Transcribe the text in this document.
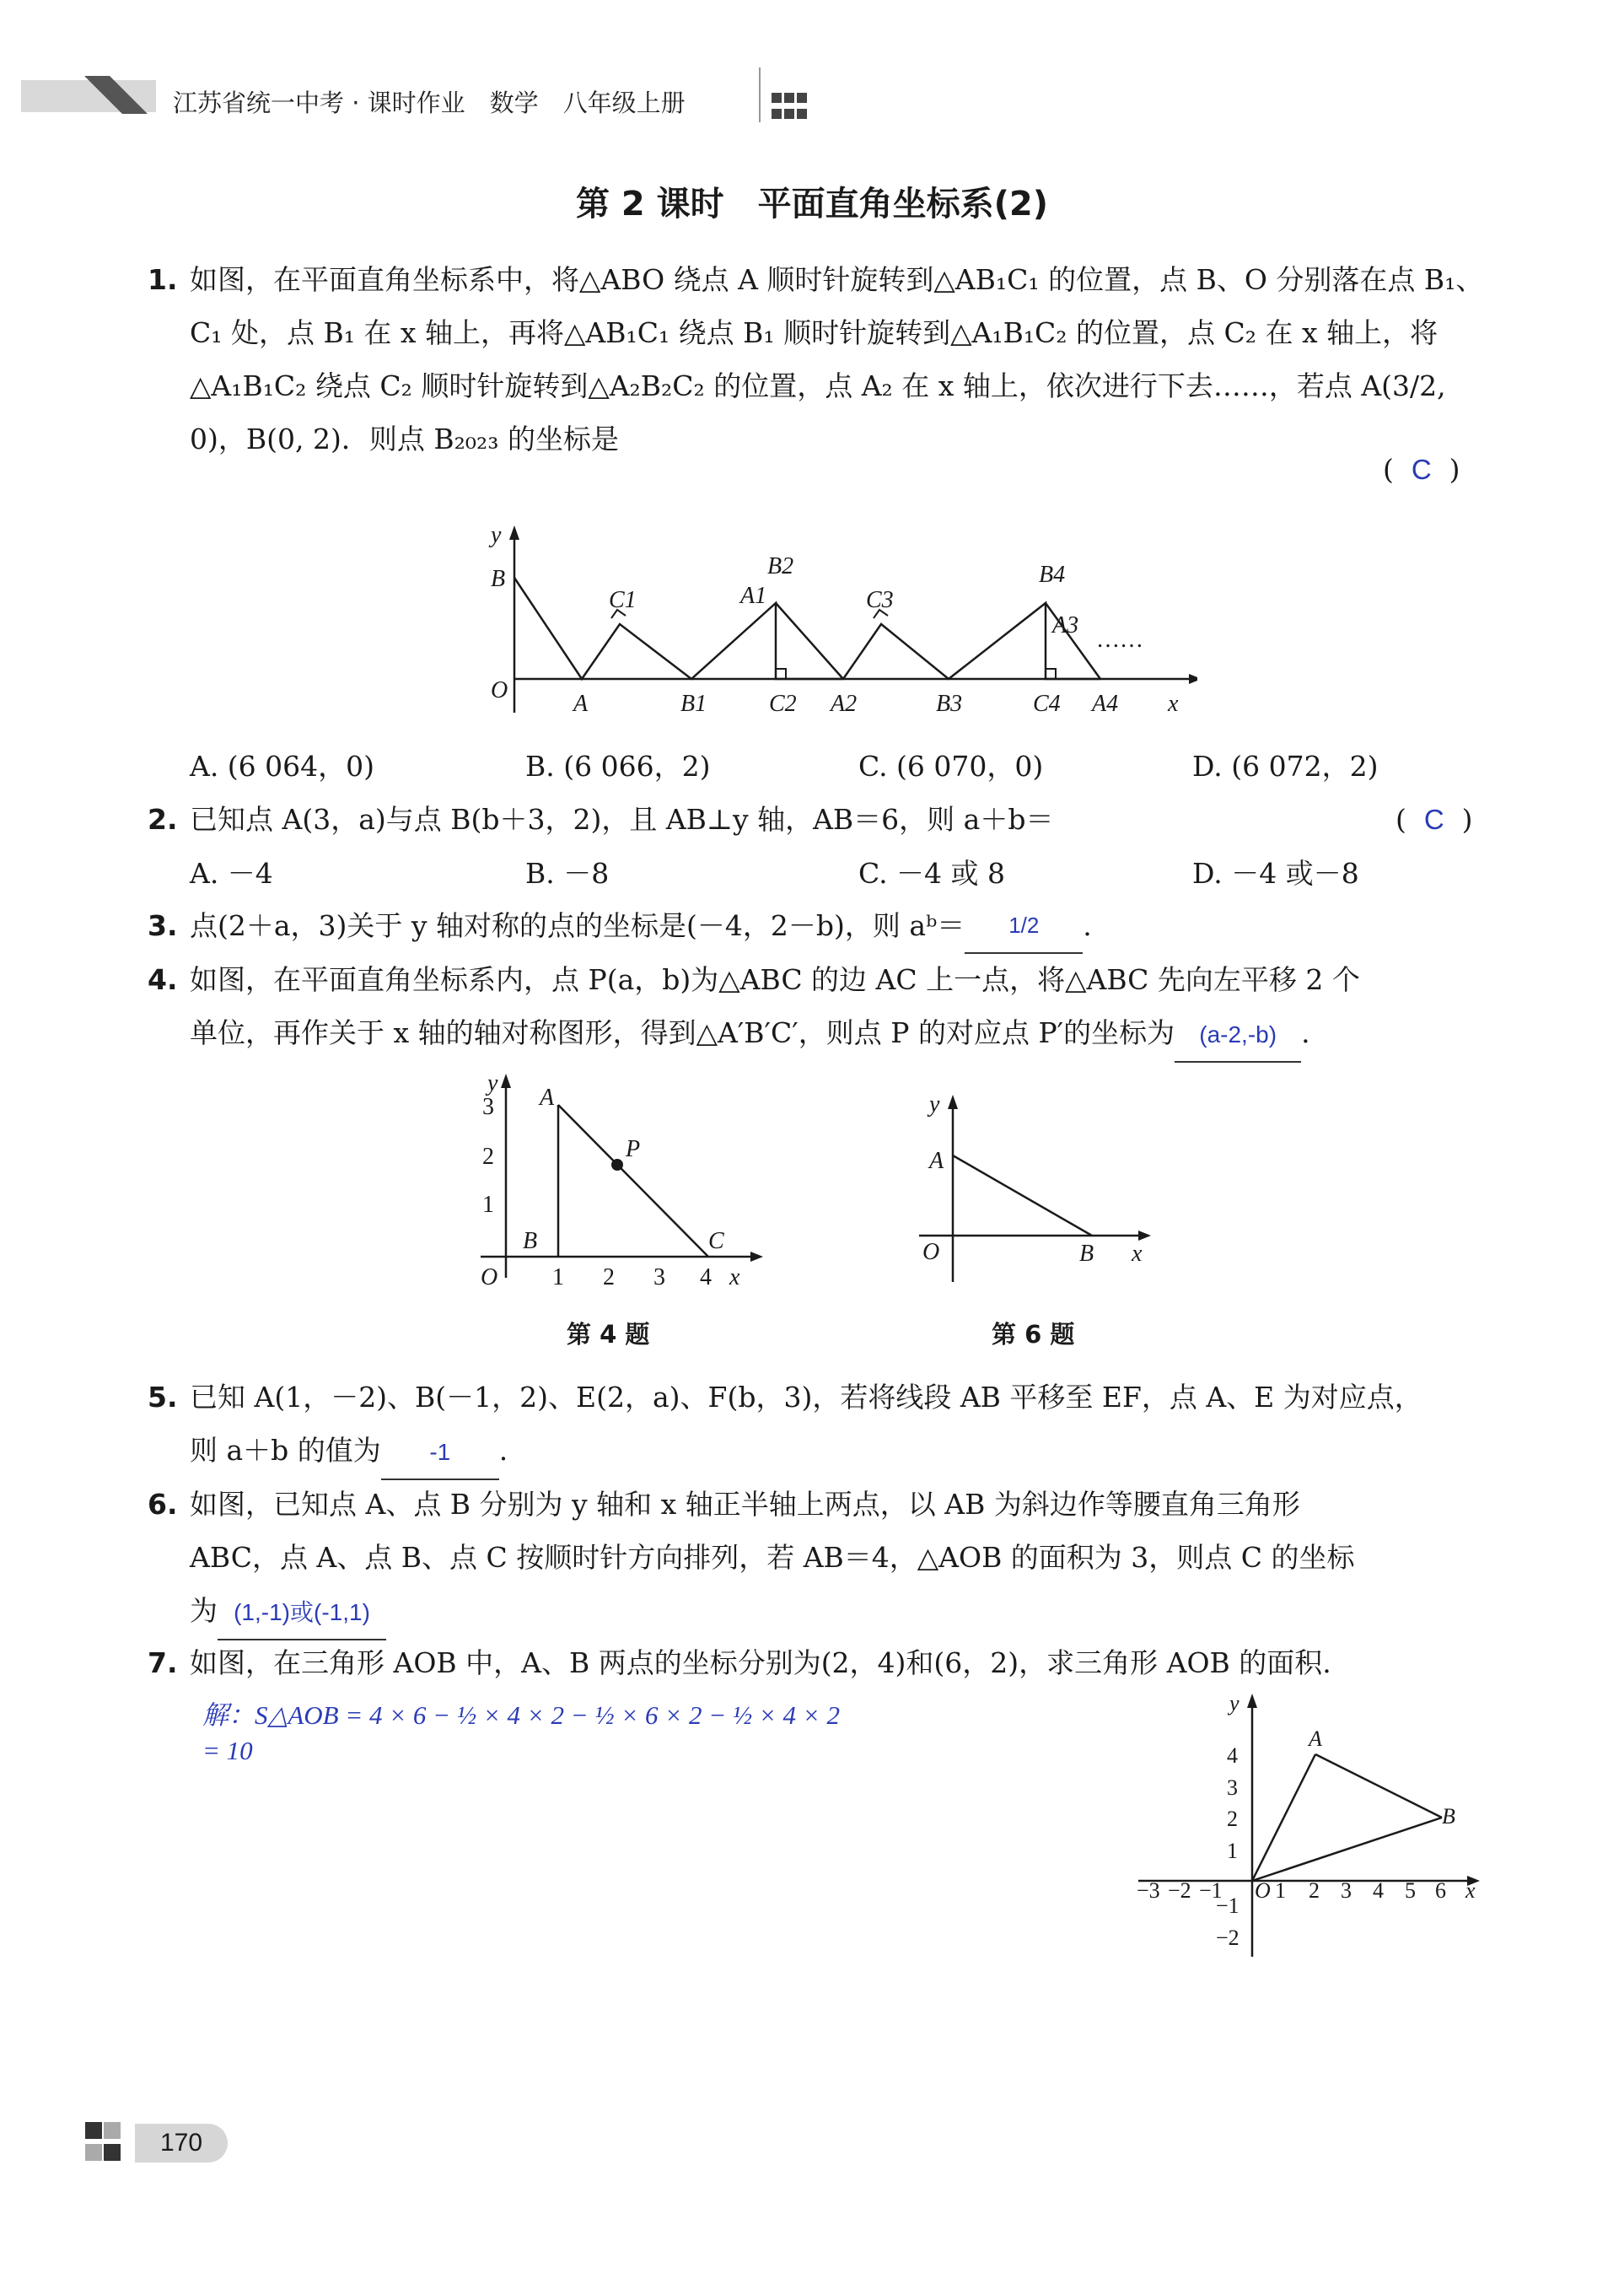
江苏省统一中考 · 课时作业　数学　八年级上册

第 2 课时　平面直角坐标系(2)
1. 如图，在平面直角坐标系中，将△ABO 绕点 A 顺时针旋转到△AB₁C₁ 的位置，点 B、O 分别落在点 B₁、C₁ 处，点 B₁ 在 x 轴上，再将△AB₁C₁ 绕点 B₁ 顺时针旋转到△A₁B₁C₂ 的位置，点 C₂ 在 x 轴上，将△A₁B₁C₂ 绕点 C₂ 顺时针旋转到△A₂B₂C₂ 的位置，点 A₂ 在 x 轴上，依次进行下去……，若点 A(3/2, 0)，B(0, 2)．则点 B₂₀₂₃ 的坐标是
(  C  )
y
B
O
A
C1
B1
A1
B2
C2 A2
C3
B3
B4
A3
C4 A4 x
……
A. (6 064，0)	B. (6 066，2)	C. (6 070，0)	D. (6 072，2)
2. 已知点 A(3，a)与点 B(b＋3，2)，且 AB⊥y 轴，AB＝6，则 a＋b＝	(  C  )
A. －4	B. －8	C. －4 或 8	D. －4 或－8
3. 点(2＋a，3)关于 y 轴对称的点的坐标是(－4，2－b)，则 aᵇ＝	1/2	.
4. 如图，在平面直角坐标系内，点 P(a，b)为△ABC 的边 AC 上一点，将△ABC 先向左平移 2 个
单位，再作关于 x 轴的轴对称图形，得到△A′B′C′，则点 P 的对应点 P′的坐标为 (a-2,-b) .
y
3
2
1
A
P
B	C
O 1 2 3 4 x
第 4 题
y
A
O	B x
第 6 题
5. 已知 A(1，－2)、B(－1，2)、E(2，a)、F(b，3)，若将线段 AB 平移至 EF，点 A、E 为对应点，
则 a＋b 的值为 -1 .
6. 如图，已知点 A、点 B 分别为 y 轴和 x 轴正半轴上两点，以 AB 为斜边作等腰直角三角形
ABC，点 A、点 B、点 C 按顺时针方向排列，若 AB＝4，△AOB 的面积为 3，则点 C 的坐标
为 (1,-1)或(-1,1)
7. 如图，在三角形 AOB 中，A、B 两点的坐标分别为(2，4)和(6，2)，求三角形 AOB 的面积.
解：S△AOB = 4 × 6 − ½ × 4 × 2 − ½ × 6 × 2 − ½ × 4 × 2
= 10
y
4
3
2
1
A
B
−3 −2 −1 O 1 2 3 4 5 6 x
−1
−2

170
